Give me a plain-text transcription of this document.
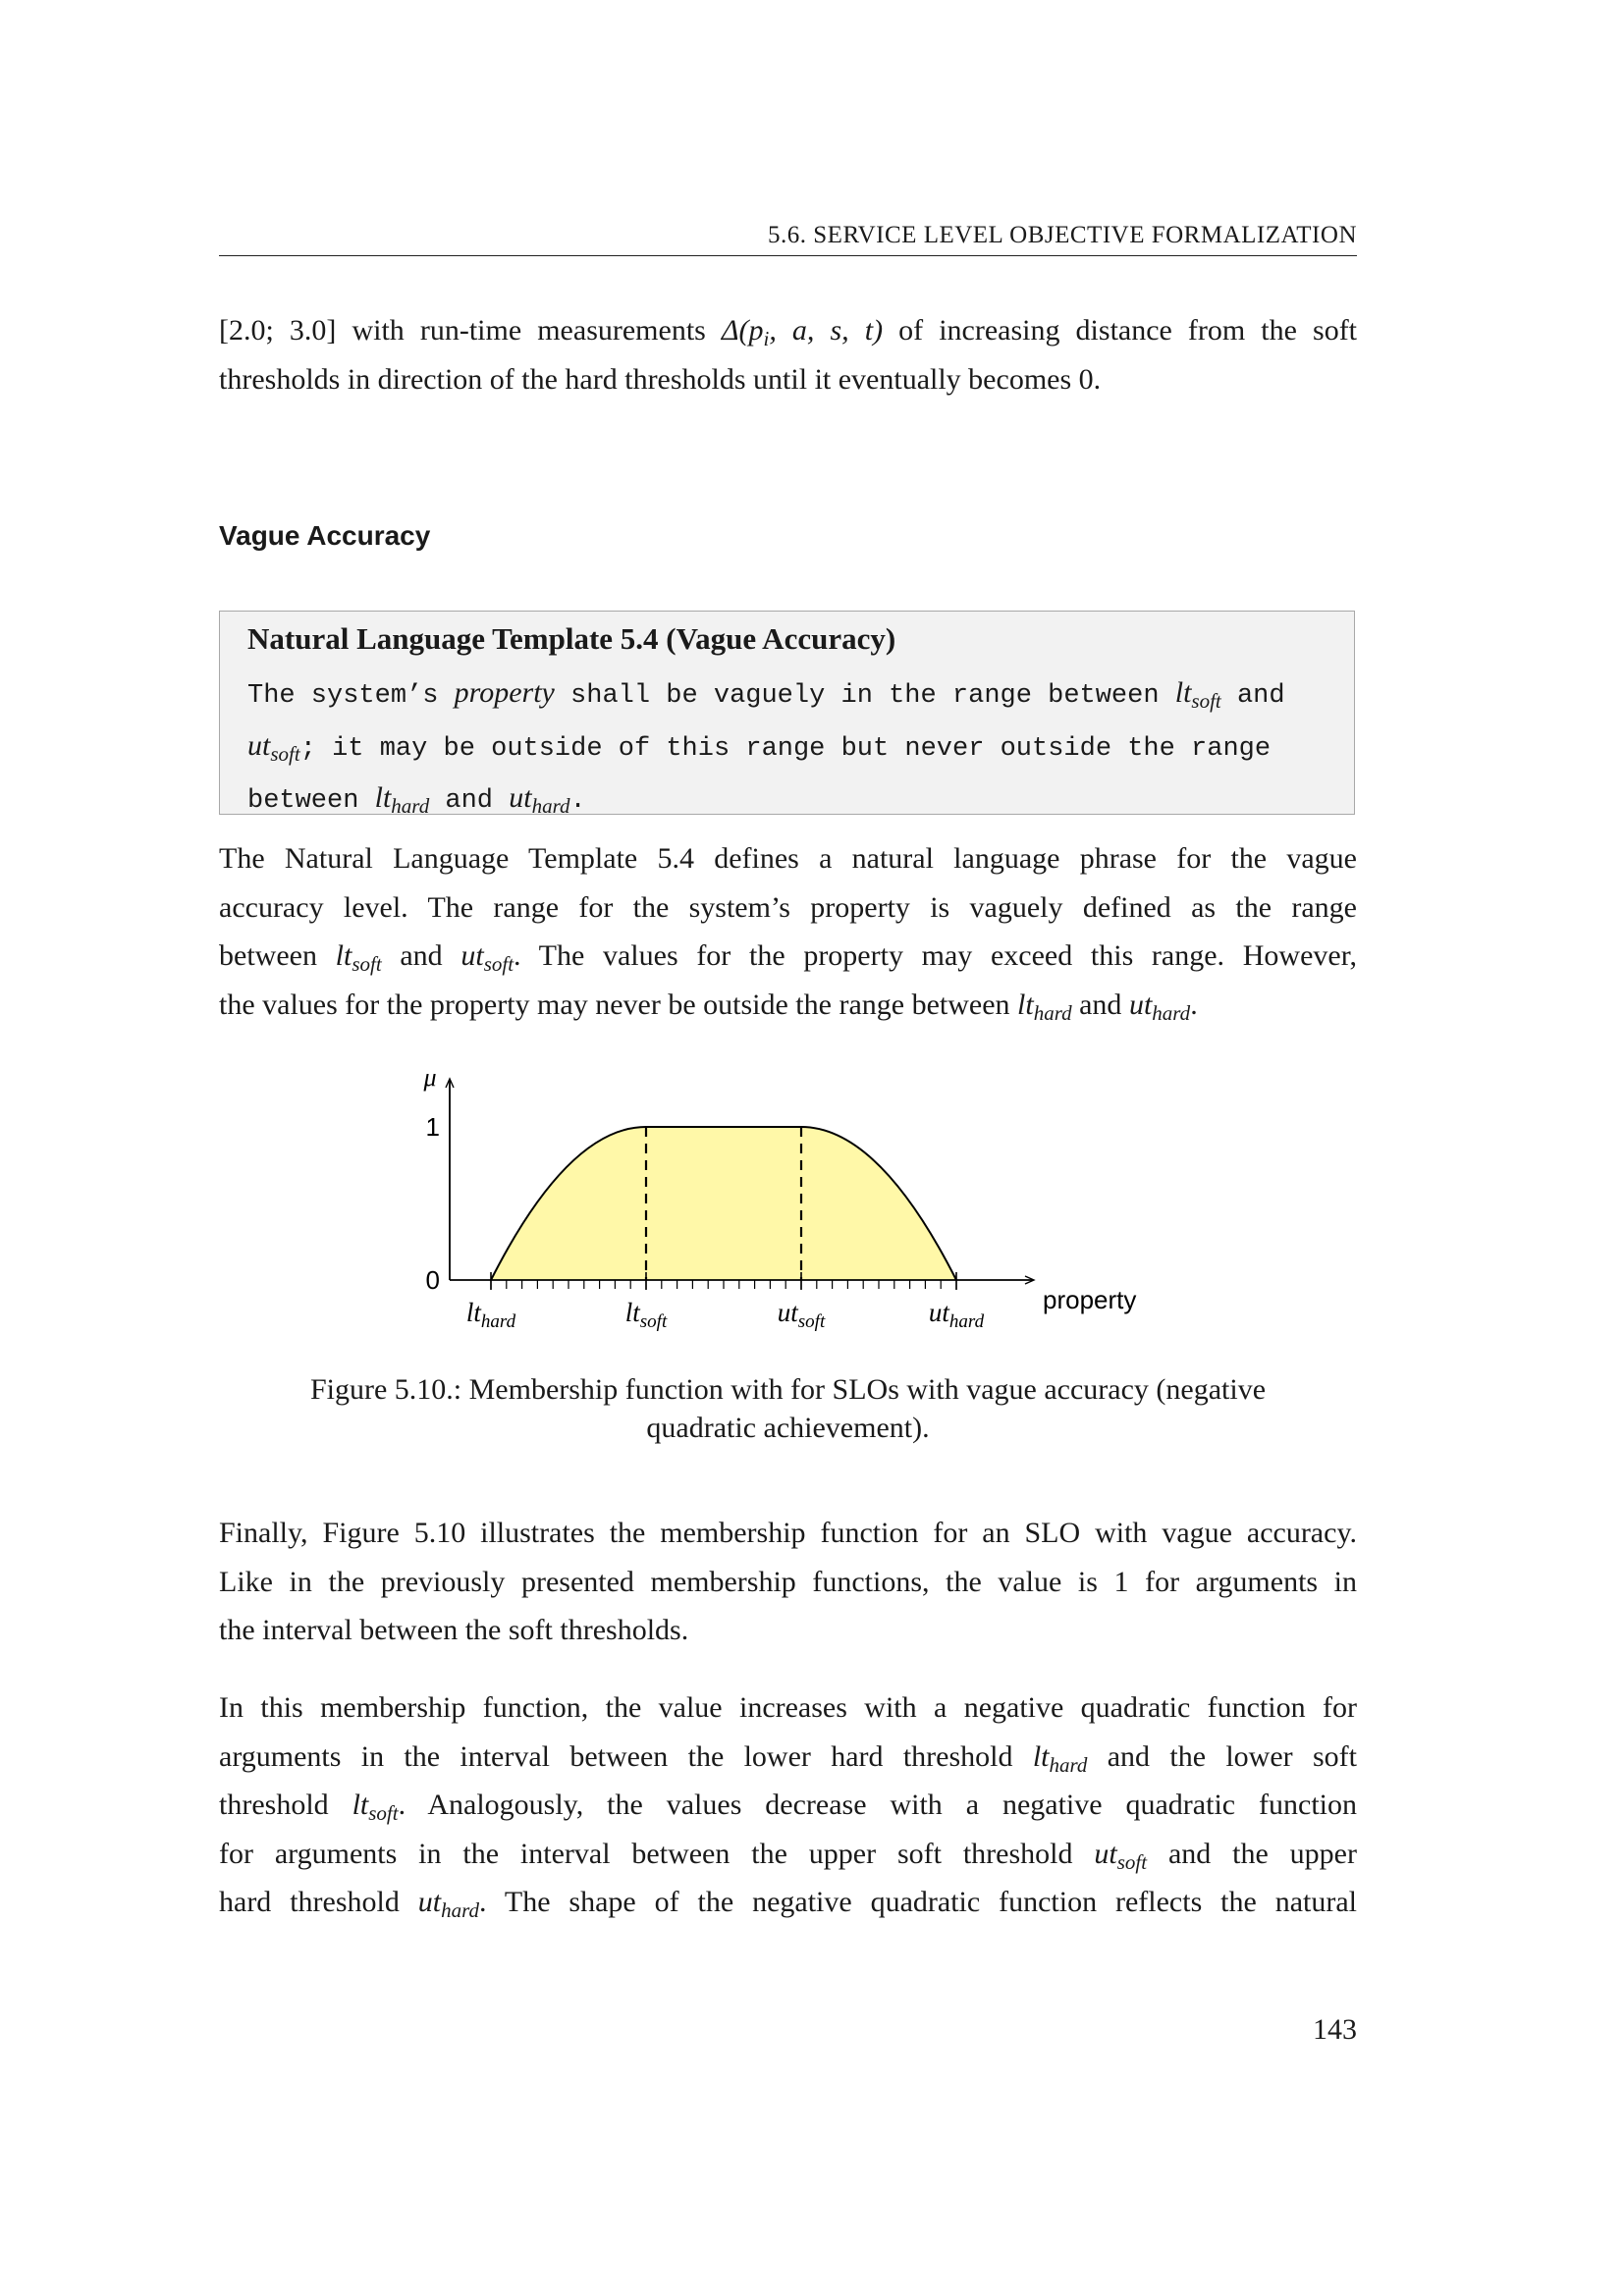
5.6. SERVICE LEVEL OBJECTIVE FORMALIZATION
[2.0; 3.0] with run-time measurements $\Delta(p_i$, a, s, t) of increasing distance from the soft
thresholds in direction of the hard thresholds until it eventually becomes 0.
Vague Accuracy
Natural Language Template 5.4 (Vague Accuracy)
The system’s property shall be vaguely in the range between $lt_{soft}$ and
$ut_{soft}$; it may be outside of this range but never outside the range
between $lt_{hard}$ and $ut_{hard}$.
The Natural Language Template 5.4 defines a natural language phrase for the vague
accuracy level. The range for the system’s property is vaguely defined as the range
between $lt_{soft}$ and $ut_{soft}$. The values for the property may exceed this range. However,
the values for the property may never be outside the range between $lt_{hard}$ and $ut_{hard}$.
0
1
μ
$lt_{hard}$	$lt_{soft}$	$ut_{soft}$	$ut_{hard}$
property
Figure 5.10.: Membership function with for SLOs with vague accuracy (negative
quadratic achievement).
Finally, Figure 5.10 illustrates the membership function for an SLO with vague accuracy.
Like in the previously presented membership functions, the value is 1 for arguments in
the interval between the soft thresholds.
In this membership function, the value increases with a negative quadratic function for
arguments in the interval between the lower hard threshold $lt_{hard}$ and the lower soft
threshold $lt_{soft}$. Analogously, the values decrease with a negative quadratic function
for arguments in the interval between the upper soft threshold $ut_{soft}$ and the upper
hard threshold $ut_{hard}$. The shape of the negative quadratic function reflects the natural
143
